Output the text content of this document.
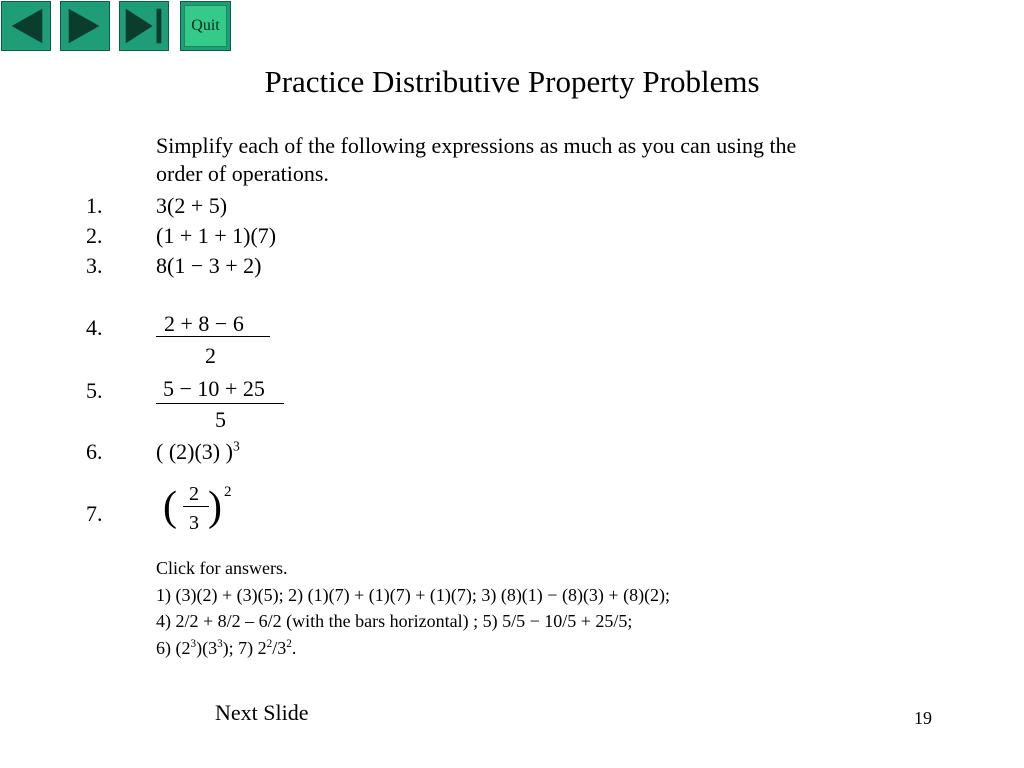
Quit
Practice Distributive Property Problems
Simplify each of the following expressions as much as you can using the
order of operations.
1. 3(2 + 5)
2. (1 + 1 + 1)(7)
3. 8(1 − 3 + 2)
4.	2 + 8 − 6
2
5.	5 − 10 + 25
5
6. ( (2)(3) )$^3$
7. ( 2
3 ) 2
Click for answers.
1) (3)(2) + (3)(5); 2) (1)(7) + (1)(7) + (1)(7); 3) (8)(1) − (8)(3) + (8)(2);
4) 2/2 + 8/2 – 6/2 (with the bars horizontal) ; 5) 5/5 − 10/5 + 25/5;
6) $(2^3)(3^3)$; 7) $2^2/3^2$.
Next Slide	19
